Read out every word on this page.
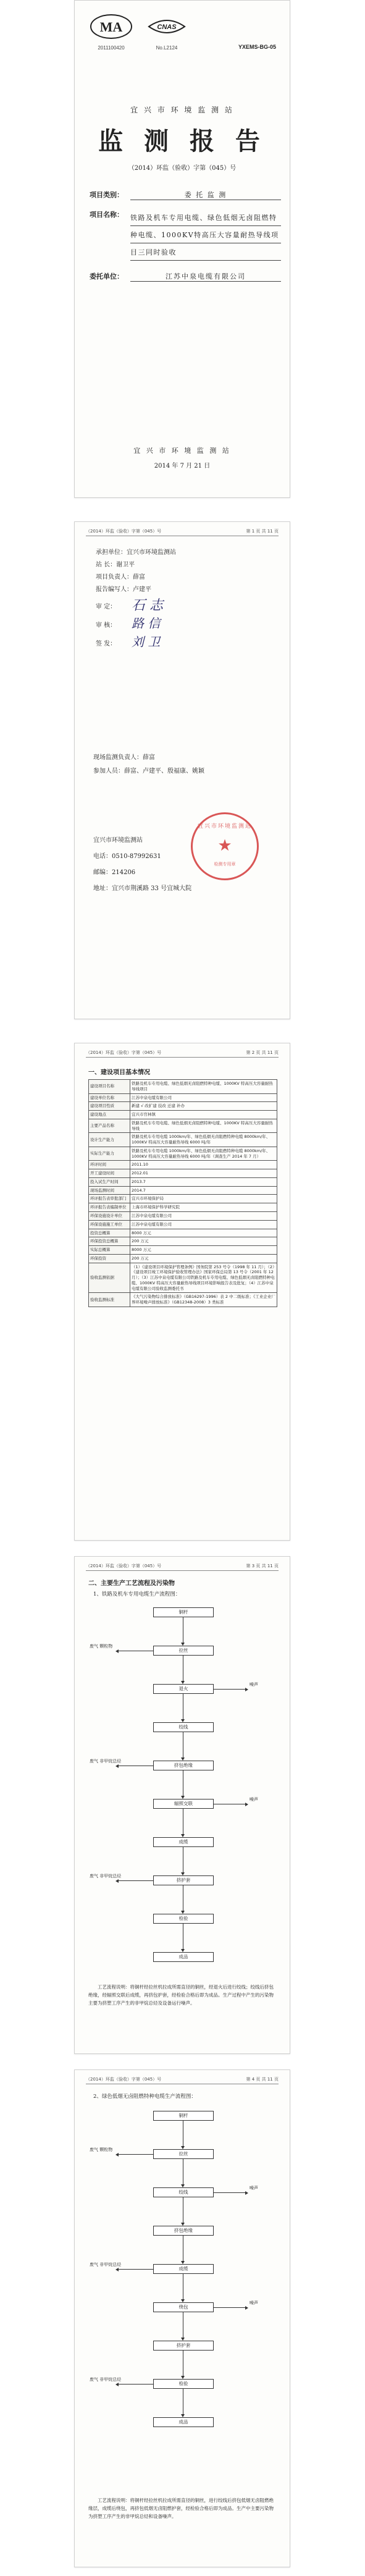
MA
2011100420
CNAS
No.L2124	YXEMS-BG-05
宜 兴 市 环 境 监 测 站
监 测 报 告
（2014）环监（验收）字第（045）号
项目类别：	委 托 监 测
项目名称： 铁路及机车专用电缆、绿色低烟无卤阻燃特种电缆、1000KV特高压大容量耐热导线项目三同时验收
委托单位：	江苏中泉电缆有限公司
宜 兴 市 环 境 监 测 站
2014 年 7 月 21 日
（2014）环监（验收）字第（045）号	第 1 页 共 11 页
承担单位：宜兴市环境监测站
站 长：谢卫平
项目负责人：薛富
报告编写人：卢建平
审 定：	石 志
审 核：	路 信
签 发：	刘 卫
现场监测负责人：薛富
参加人员：薛富、卢建平、殷福康、姚颖
宜兴市环境监测站
电话：0510-87992631
邮编：214206
地址：宜兴市荆溪路 33 号宜城大院
宜兴市环境监测站
★
检测专用章
（2014）环监（验收）字第（045）号	第 2 页 共 11 页
一、建设项目基本情况
建设项目名称	铁路及机车专用电缆、绿色低烟无卤阻燃特种电缆、1000KV 特高压大容量耐热导线项目
建设单位名称	江苏中泉电缆有限公司
建设项目性质	新建 √ 改扩建 技改 迁建 补办
建设地点	宜兴市官林镇
主要产品名称	铁路及机车专用电缆、绿色低烟无卤阻燃特种电缆、1000KV 特高压大容量耐热导线
设计生产能力	铁路及机车专用电缆 1000km/年、绿色低烟无卤阻燃特种电缆 8000km/年、1000KV 特高压大容量耐热导线 6000 吨/年
实际生产能力	铁路及机车专用电缆 1000km/年、绿色低烟无卤阻燃特种电缆 8000km/年、1000KV 特高压大容量耐热导线 6000 吨/年（调查生产 2014 年 7 月）
环评时间	2011.10
开工建设时间	2012.01
投入试生产时间	2013.7
现场监测时间	2014.7
环评报告表审批部门	宜兴市环境保护局
环评报告表编制单位	上海市环境保护科学研究院
环保设施设计单位	江苏中泉电缆有限公司
环保设施施工单位	江苏中泉电缆有限公司
投资总概算	8000 万元
环保投资总概算	200 万元
实际总概算	8000 万元
环保投资	200 万元
验收监测依据	（1）《建设项目环境保护管理条例》国务院第 253 号令（1998 年 11 月）；（2）《建设项目竣工环境保护验收管理办法》国家环保总局第 13 号令（2001 年 12 月）；（3）江苏中泉电缆有限公司铁路及机车专用电缆、绿色低烟无卤阻燃特种电缆、1000KV 特高压大容量耐热导线项目环境影响报告表及批复；（4）江苏中泉电缆有限公司验收监测委托书
验收监测标准	《大气污染物综合排放标准》（GB16297-1996）表 2 中二级标准；《工业企业厂界环境噪声排放标准》（GB12348-2008）3 类标准
（2014）环监（验收）字第（045）号	第 3 页 共 11 页
二、主要生产工艺流程及污染物
1、铁路及机车专用电缆生产流程图：
铜杆
拉丝
退火
绞线
挤包绝缘
辐照交联
成缆
挤护套
检验
成品
废气 颗粒物
噪声
废气 非甲烷总烃
噪声
废气 非甲烷总烃
工艺流程说明：将铜杆经拉丝机拉成所需直径的铜丝，经退火后进行绞线；绞线后挤包绝缘，经辐照交联后成缆，再挤包护套，经检验合格后即为成品。生产过程中产生的污染物主要为挤塑工序产生的非甲烷总烃及设备运行噪声。
（2014）环监（验收）字第（045）号	第 4 页 共 11 页
2、绿色低烟无卤阻燃特种电缆生产流程图：
铜杆
拉丝
绞线
挤包绝缘
成缆
绕包
挤护套
检验
成品
废气 颗粒物
噪声
废气 非甲烷总烃
噪声
废气 非甲烷总烃
工艺流程说明：将铜杆经拉丝机拉成所需直径的铜丝，进行绞线后挤包低烟无卤阻燃绝缘层，成缆后绕包，再挤包低烟无卤阻燃护套，经检验合格后即为成品。生产中主要污染物为挤塑工序产生的非甲烷总烃和设备噪声。
